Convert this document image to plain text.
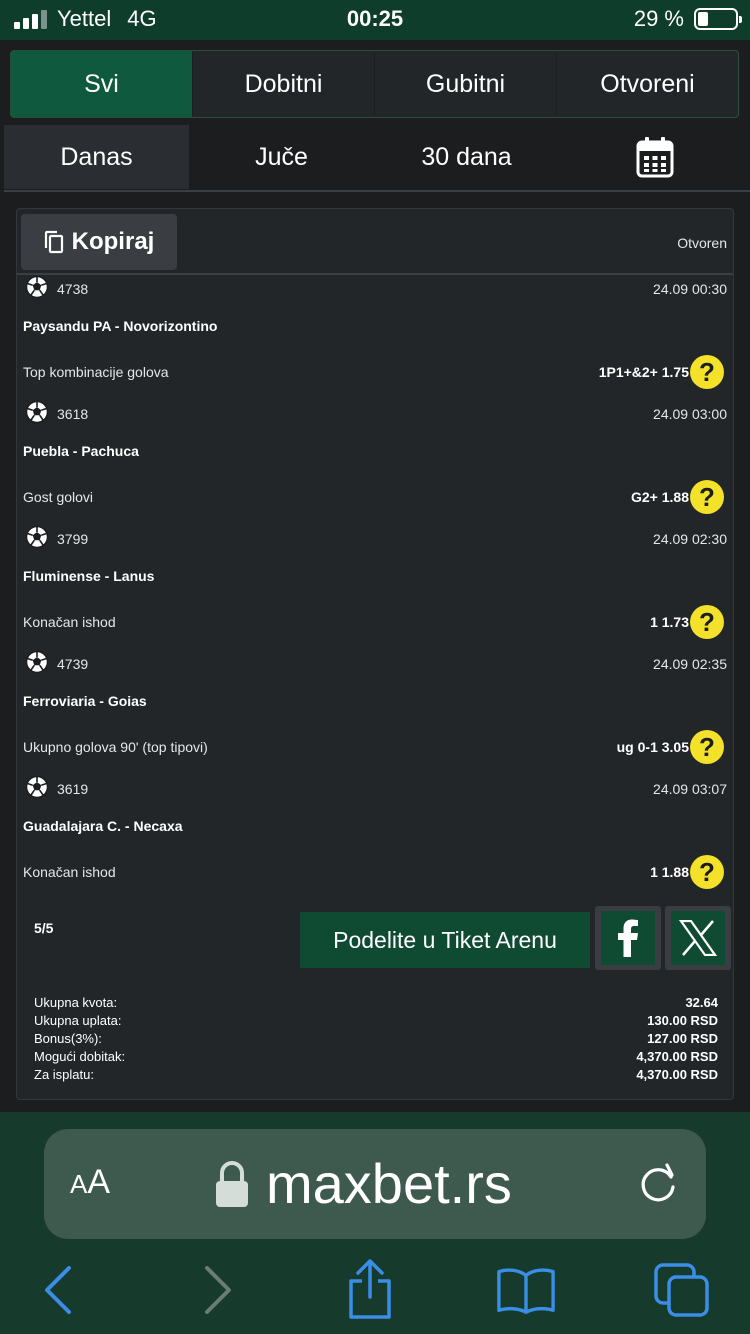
Yettel 4G	00:25	29 %
Svi	Dobitni	Gubitni	Otvoreni
Danas	Juče	30 dana
Kopiraj	Otvoren
4738	24.09 00:30
Paysandu PA - Novorizontino
Top kombinacije golova	1P1+&2+ 1.75 ?
3618	24.09 03:00
Puebla - Pachuca
Gost golovi	G2+ 1.88 ?
3799	24.09 02:30
Fluminense - Lanus
Konačan ishod	1 1.73 ?
4739	24.09 02:35
Ferroviaria - Goias
Ukupno golova 90' (top tipovi)	ug 0-1 3.05 ?
3619	24.09 03:07
Guadalajara C. - Necaxa
Konačan ishod	1 1.88 ?
5/5	Podelite u Tiket Arenu
Ukupna kvota:	32.64
Ukupna uplata:	130.00 RSD
Bonus(3%):	127.00 RSD
Mogući dobitak:	4,370.00 RSD
Za isplatu:	4,370.00 RSD
AA	maxbet.rs
